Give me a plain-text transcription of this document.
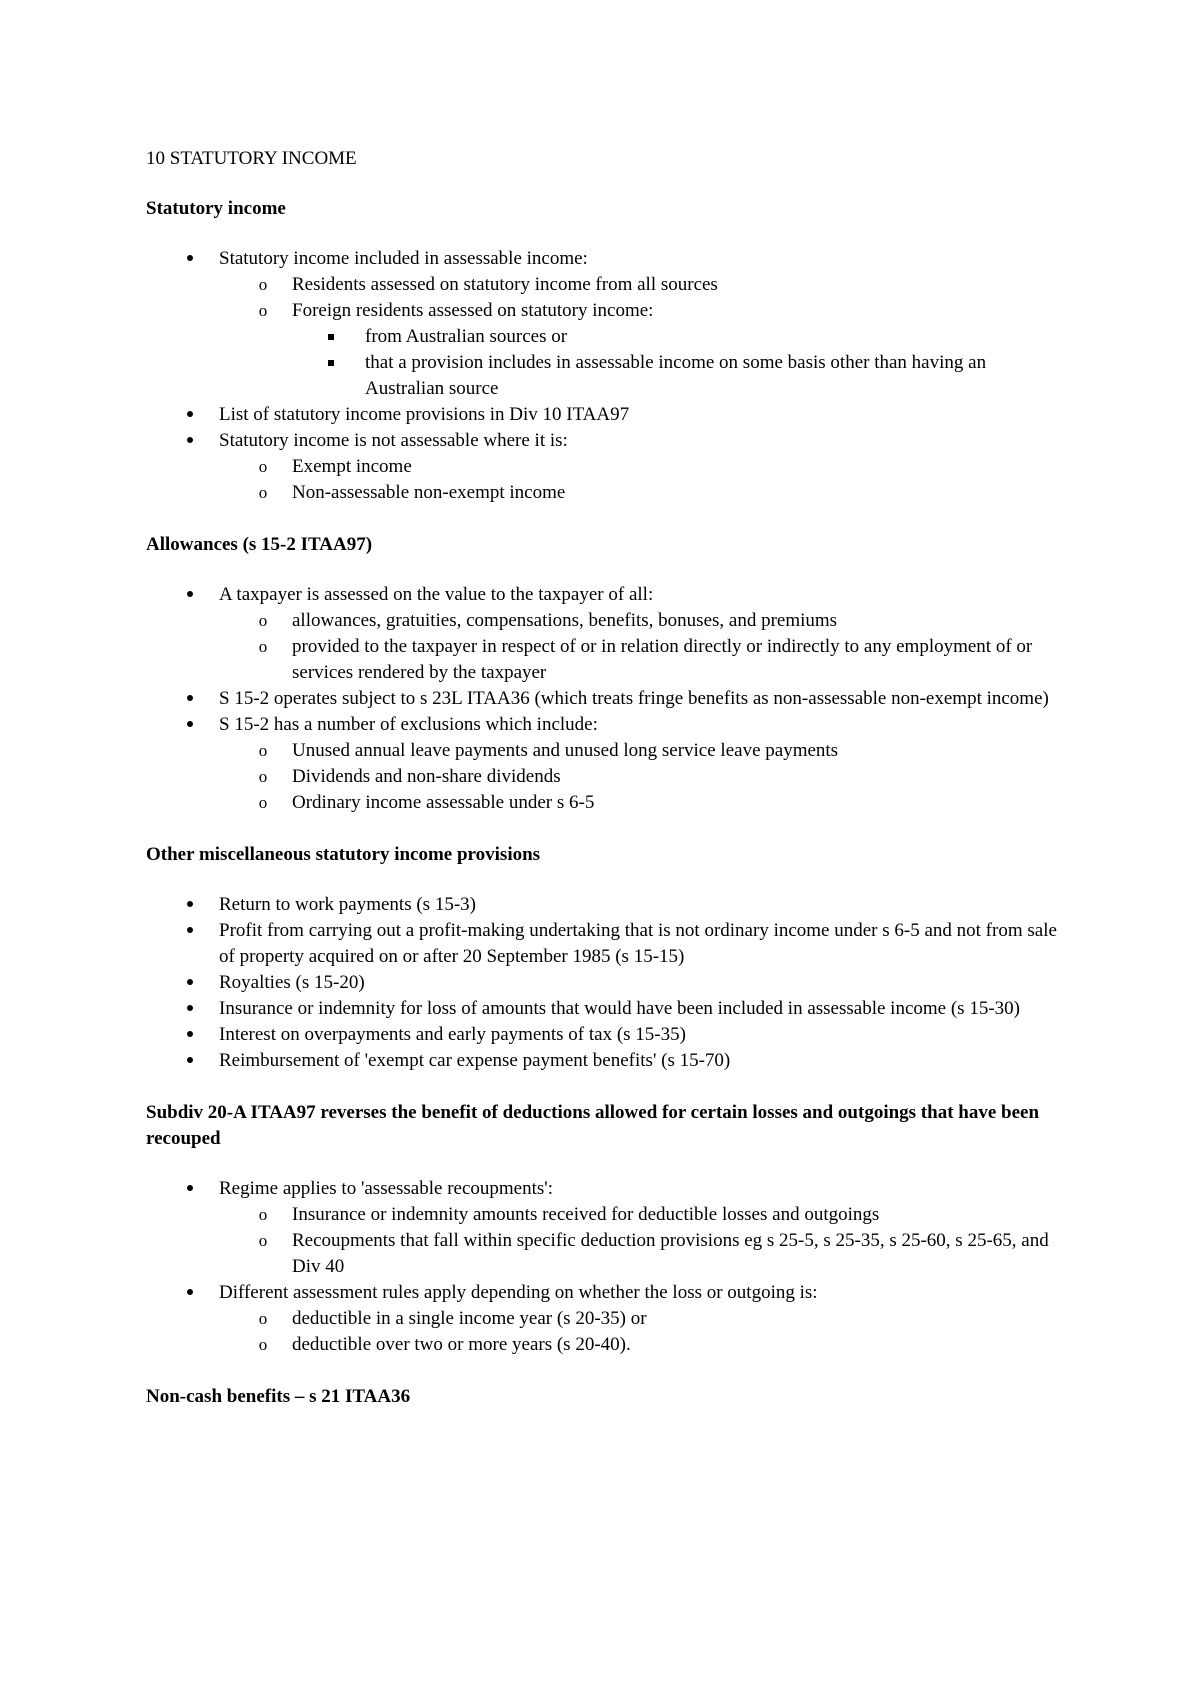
10 STATUTORY INCOME
Statutory income
Statutory income included in assessable income:
o Residents assessed on statutory income from all sources
o Foreign residents assessed on statutory income:
from Australian sources or
that a provision includes in assessable income on some basis other than having an Australian source
List of statutory income provisions in Div 10 ITAA97
Statutory income is not assessable where it is:
o Exempt income
o Non-assessable non-exempt income
Allowances (s 15-2 ITAA97)
A taxpayer is assessed on the value to the taxpayer of all:
o allowances, gratuities, compensations, benefits, bonuses, and premiums
o provided to the taxpayer in respect of or in relation directly or indirectly to any employment of or services rendered by the taxpayer
S 15-2 operates subject to s 23L ITAA36 (which treats fringe benefits as non-assessable non-exempt income)
S 15-2 has a number of exclusions which include:
o Unused annual leave payments and unused long service leave payments
o Dividends and non-share dividends
o Ordinary income assessable under s 6-5
Other miscellaneous statutory income provisions
Return to work payments (s 15-3)
Profit from carrying out a profit-making undertaking that is not ordinary income under s 6-5 and not from sale of property acquired on or after 20 September 1985 (s 15-15)
Royalties (s 15-20)
Insurance or indemnity for loss of amounts that would have been included in assessable income (s 15-30)
Interest on overpayments and early payments of tax (s 15-35)
Reimbursement of 'exempt car expense payment benefits' (s 15-70)
Subdiv 20-A ITAA97 reverses the benefit of deductions allowed for certain losses and outgoings that have been recouped
Regime applies to 'assessable recoupments':
o Insurance or indemnity amounts received for deductible losses and outgoings
o Recoupments that fall within specific deduction provisions eg s 25-5, s 25-35, s 25-60, s 25-65, and Div 40
Different assessment rules apply depending on whether the loss or outgoing is:
o deductible in a single income year (s 20-35) or
o deductible over two or more years (s 20-40).
Non-cash benefits – s 21 ITAA36
